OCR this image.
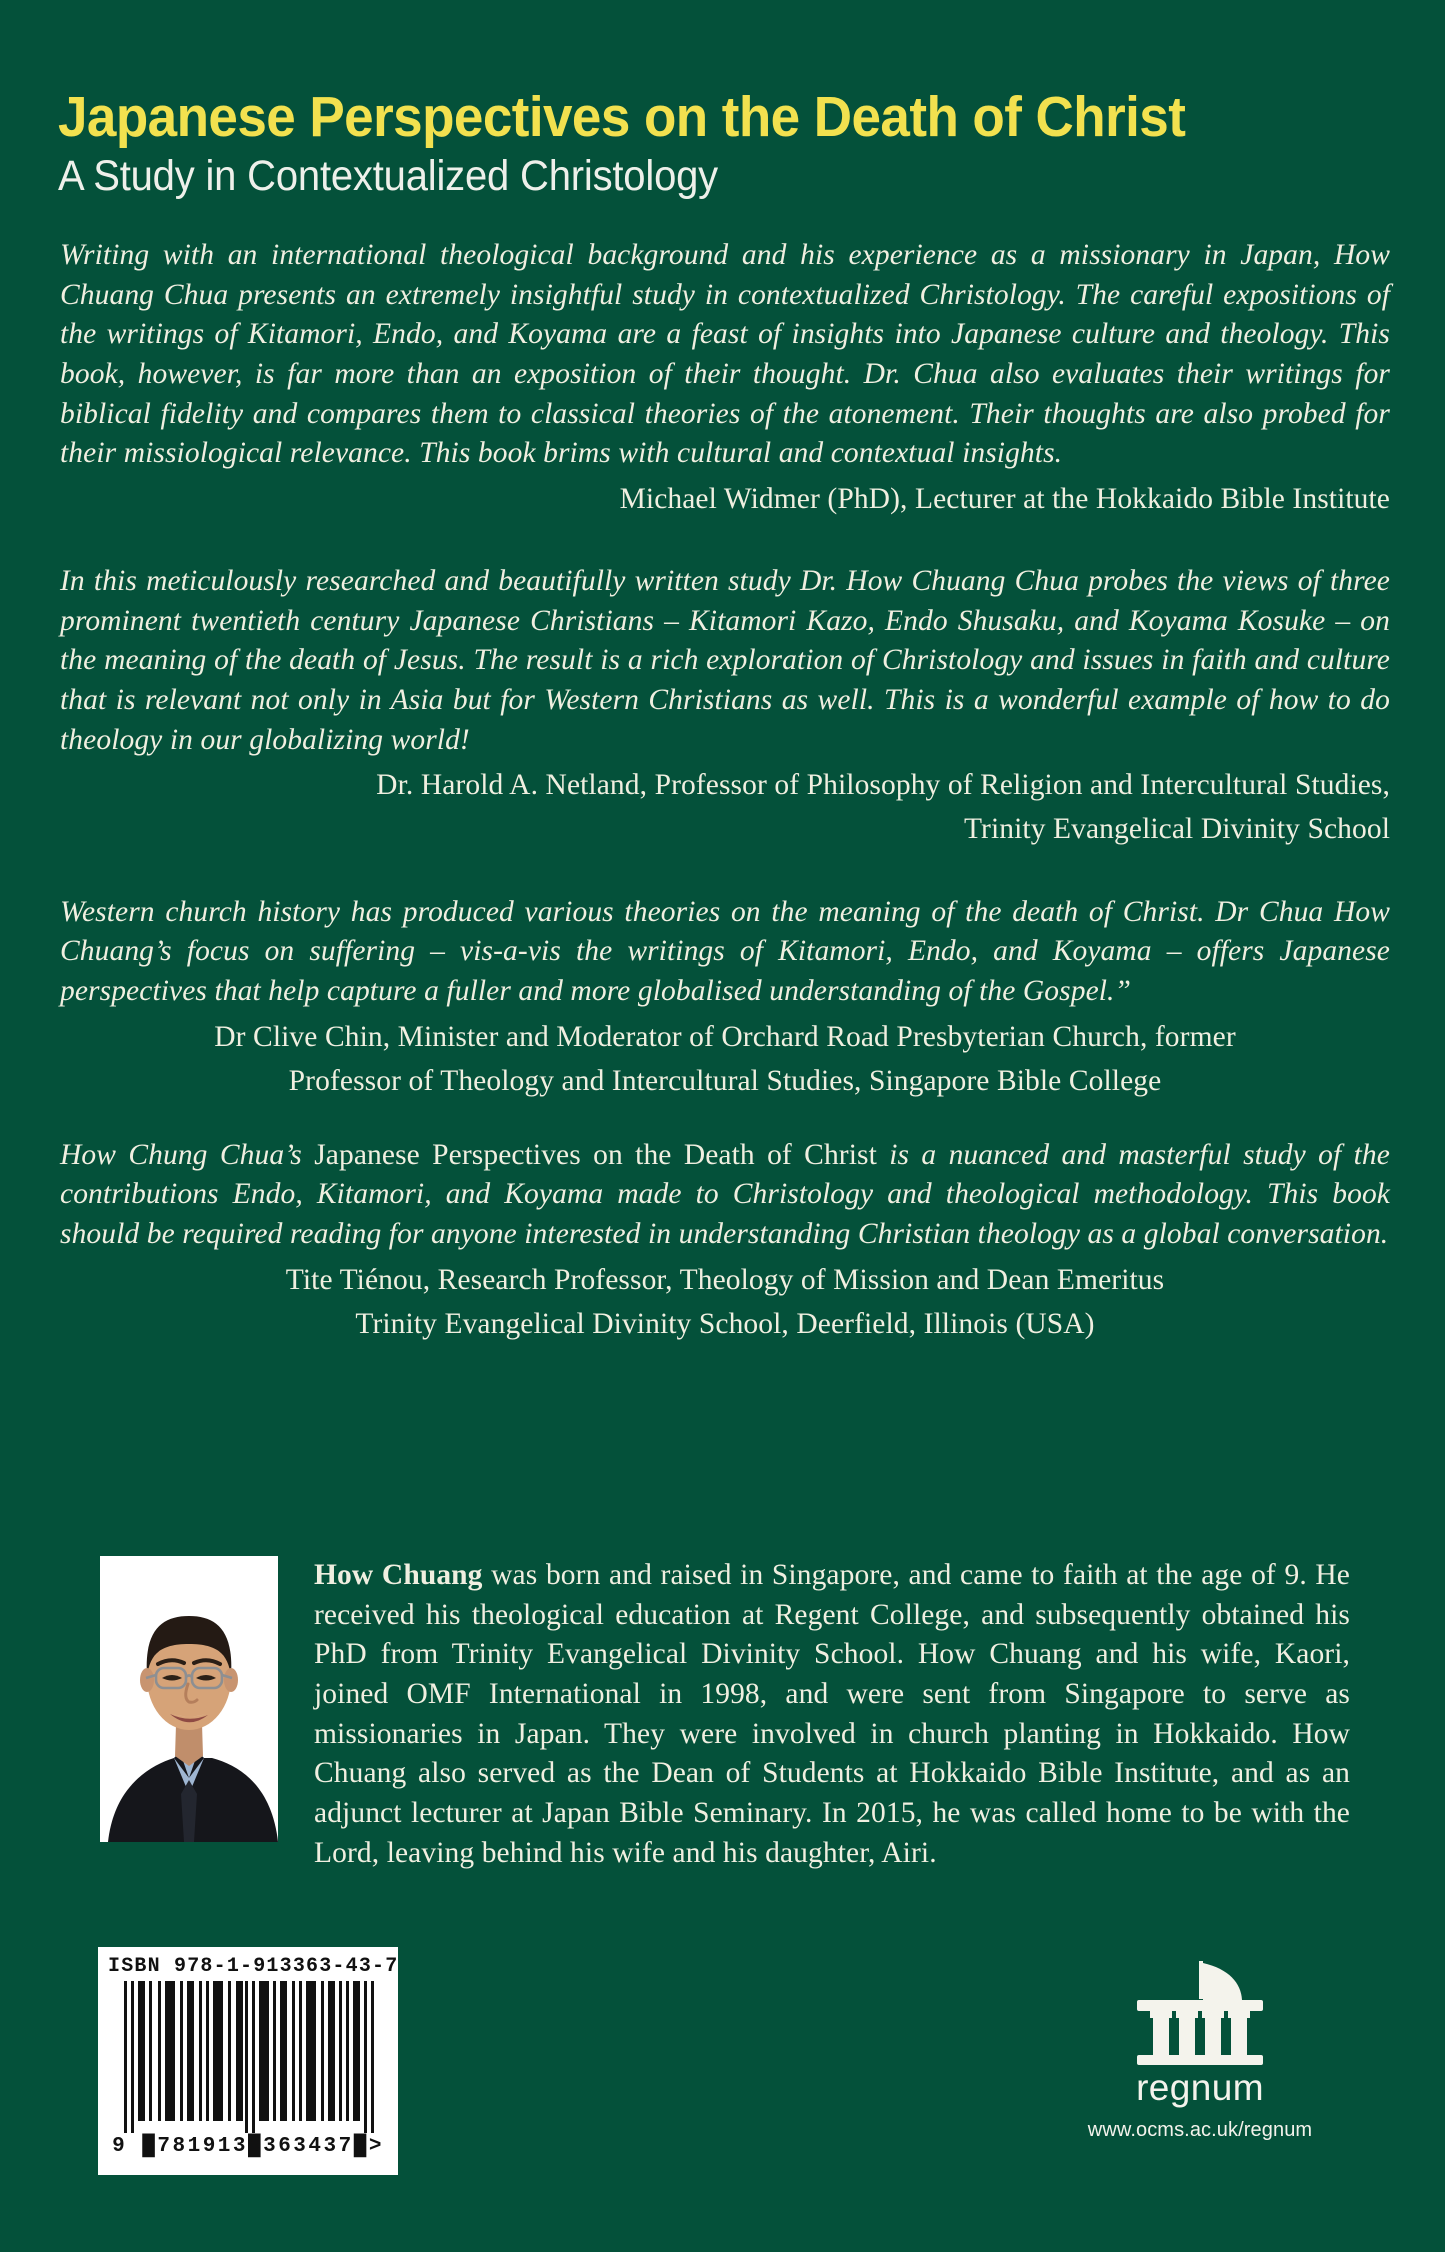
Japanese Perspectives on the Death of Christ
A Study in Contextualized Christology

Writing with an international theological background and his experience as a missionary in Japan, How Chuang Chua presents an extremely insightful study in contextualized Christology. The careful expositions of the writings of Kitamori, Endo, and Koyama are a feast of insights into Japanese culture and theology. This book, however, is far more than an exposition of their thought. Dr. Chua also evaluates their writings for biblical fidelity and compares them to classical theories of the atonement. Their thoughts are also probed for their missiological relevance. This book brims with cultural and contextual insights.

Michael Widmer (PhD), Lecturer at the Hokkaido Bible Institute

In this meticulously researched and beautifully written study Dr. How Chuang Chua probes the views of three prominent twentieth century Japanese Christians – Kitamori Kazo, Endo Shusaku, and Koyama Kosuke – on the meaning of the death of Jesus. The result is a rich exploration of Christology and issues in faith and culture that is relevant not only in Asia but for Western Christians as well. This is a wonderful example of how to do theology in our globalizing world!

Dr. Harold A. Netland, Professor of Philosophy of Religion and Intercultural Studies,

Trinity Evangelical Divinity School

Western church history has produced various theories on the meaning of the death of Christ. Dr Chua How Chuang’s focus on suffering – vis-a-vis the writings of Kitamori, Endo, and Koyama – offers Japanese perspectives that help capture a fuller and more globalised understanding of the Gospel.”

Dr Clive Chin, Minister and Moderator of Orchard Road Presbyterian Church, former

Professor of Theology and Intercultural Studies, Singapore Bible College

How Chung Chua’s Japanese Perspectives on the Death of Christ is a nuanced and masterful study of the contributions Endo, Kitamori, and Koyama made to Christology and theological methodology. This book should be required reading for anyone interested in understanding Christian theology as a global conversation.

Tite Tiénou, Research Professor, Theology of Mission and Dean Emeritus

Trinity Evangelical Divinity School, Deerfield, Illinois (USA)

How Chuang was born and raised in Singapore, and came to faith at the age of 9. He received his theological education at Regent College, and subsequently obtained his PhD from Trinity Evangelical Divinity School. How Chuang and his wife, Kaori, joined OMF International in 1998, and were sent from Singapore to serve as missionaries in Japan. They were involved in church planting in Hokkaido. How Chuang also served as the Dean of Students at Hokkaido Bible Institute, and as an adjunct lecturer at Japan Bible Seminary. In 2015, he was called home to be with the Lord, leaving behind his wife and his daughter, Airi.
ISBN 978-1-913363-43-7
9 █781913█363437█>
regnum
www.ocms.ac.uk/regnum
